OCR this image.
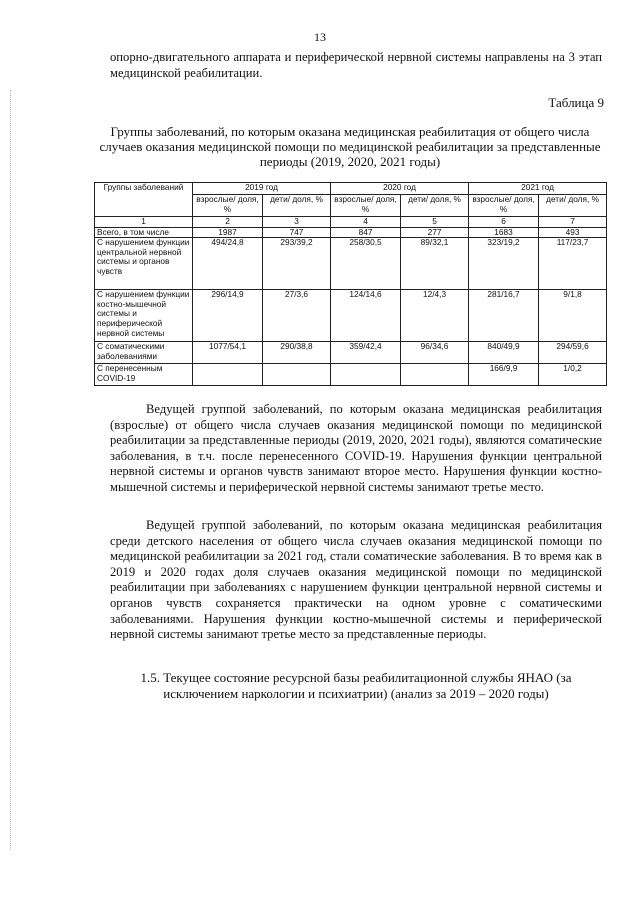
13

опорно-двигательного аппарата и периферической нервной системы направлены на 3 этап медицинской реабилитации.

Таблица 9
Группы заболеваний, по которым оказана медицинская реабилитация от общего числа случаев оказания медицинской помощи по медицинской реабилитации за представленные периоды (2019, 2020, 2021 годы)
Группы заболеваний	2019 год		2020 год		2021 год	
	взрослые/ доля, %	дети/ доля, %	взрослые/ доля, %	дети/ доля, %	взрослые/ доля, %	дети/ доля, %
1	2	3	4	5	6	7
Всего, в том числе	1987	747	847	277	1683	493
С нарушением функции центральной нервной системы и органов чувств	494/24,8	293/39,2	258/30,5	89/32,1	323/19,2	117/23,7
С нарушением функции костно-мышечной системы и периферической нервной системы	296/14,9	27/3,6	124/14,6	12/4,3	281/16,7	9/1,8
С соматическими заболеваниями	1077/54,1	290/38,8	359/42,4	96/34,6	840/49,9	294/59,6
С перенесенным COVID-19					166/9,9	1/0,2

Ведущей группой заболеваний, по которым оказана медицинская реабилитация (взрослые) от общего числа случаев оказания медицинской помощи по медицинской реабилитации за представленные периоды (2019, 2020, 2021 годы), являются соматические заболевания, в т.ч. после перенесенного COVID-19. Нарушения функции центральной нервной системы и органов чувств занимают второе место. Нарушения функции костно-мышечной системы и периферической нервной системы занимают третье место.

Ведущей группой заболеваний, по которым оказана медицинская реабилитация среди детского населения от общего числа случаев оказания медицинской помощи по медицинской реабилитации за 2021 год, стали соматические заболевания. В то время как в 2019 и 2020 годах доля случаев оказания медицинской помощи по медицинской реабилитации при заболеваниях с нарушением функции центральной нервной системы и органов чувств сохраняется практически на одном уровне с соматическими заболеваниями. Нарушения функции костно-мышечной системы и периферической нервной системы занимают третье место за представленные периоды.

1.5. Текущее состояние ресурсной базы реабилитационной службы ЯНАО (за исключением наркологии и психиатрии) (анализ за 2019 – 2020 годы)
